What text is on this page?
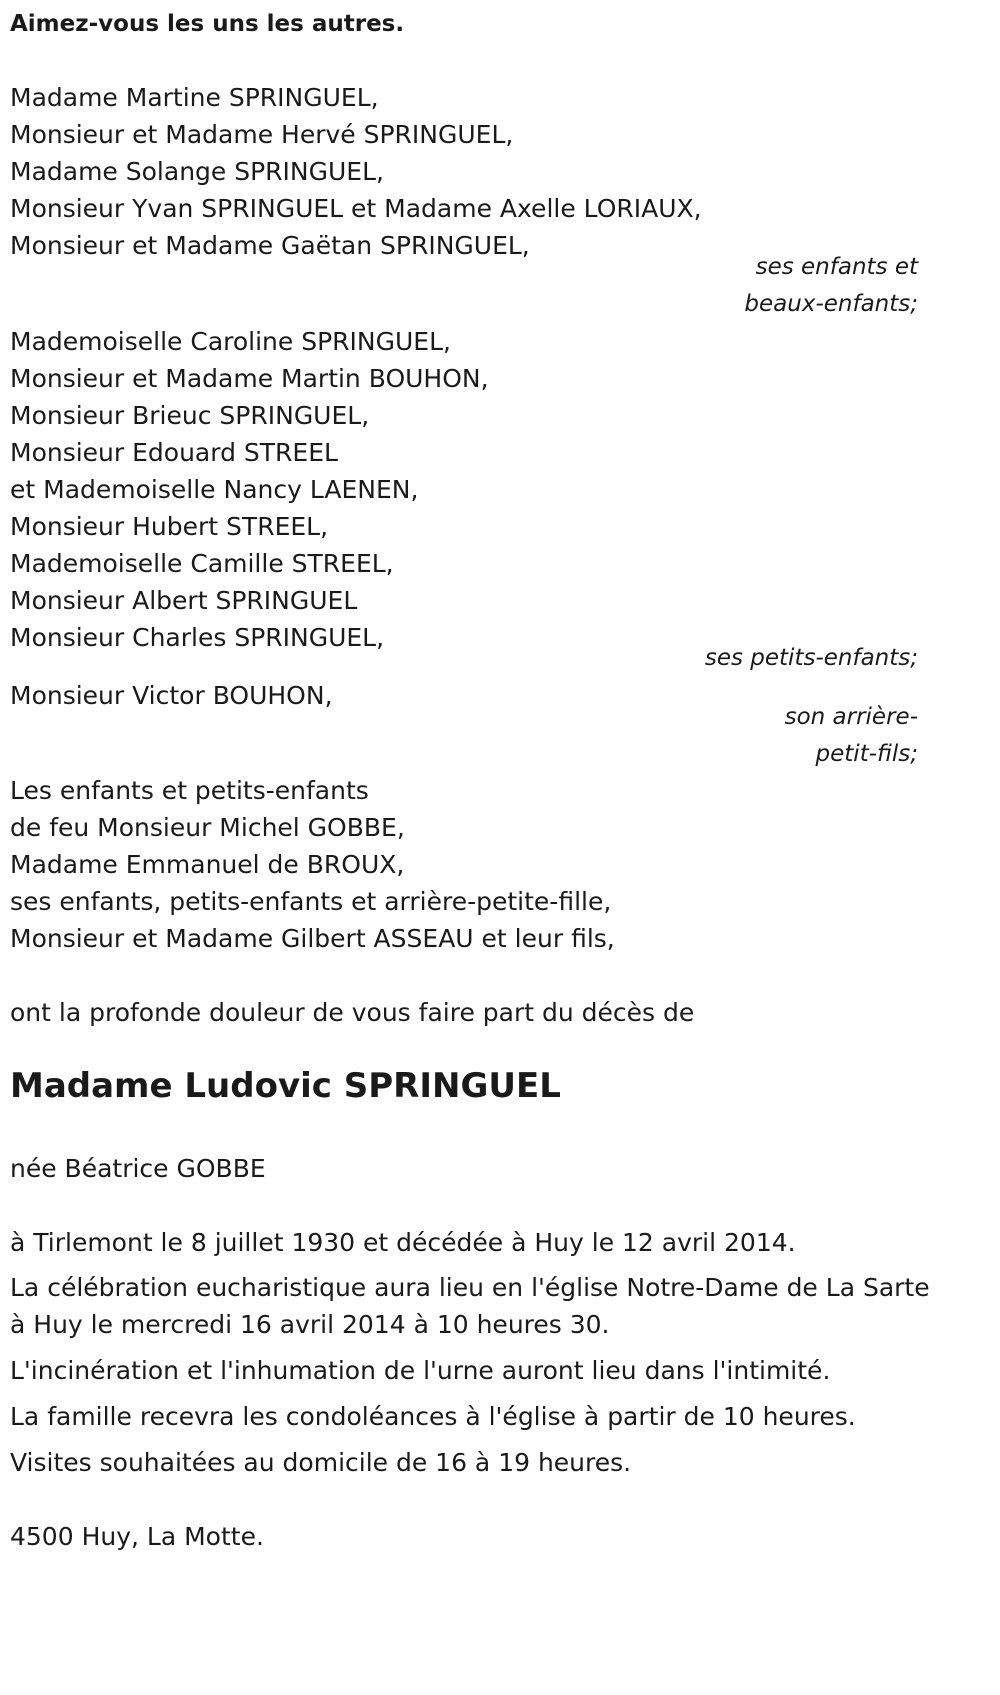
Aimez-vous les uns les autres.
Madame Martine SPRINGUEL,
Monsieur et Madame Hervé SPRINGUEL,
Madame Solange SPRINGUEL,
Monsieur Yvan SPRINGUEL et Madame Axelle LORIAUX,
Monsieur et Madame Gaëtan SPRINGUEL,
ses enfants et
beaux-enfants;
Mademoiselle Caroline SPRINGUEL,
Monsieur et Madame Martin BOUHON,
Monsieur Brieuc SPRINGUEL,
Monsieur Edouard STREEL
et Mademoiselle Nancy LAENEN,
Monsieur Hubert STREEL,
Mademoiselle Camille STREEL,
Monsieur Albert SPRINGUEL
Monsieur Charles SPRINGUEL,
ses petits-enfants;
Monsieur Victor BOUHON,
son arrière-
petit-fils;
Les enfants et petits-enfants
de feu Monsieur Michel GOBBE,
Madame Emmanuel de BROUX,
ses enfants, petits-enfants et arrière-petite-fille,
Monsieur et Madame Gilbert ASSEAU et leur fils,
ont la profonde douleur de vous faire part du décès de
Madame Ludovic SPRINGUEL
née Béatrice GOBBE
à Tirlemont le 8 juillet 1930 et décédée à Huy le 12 avril 2014.
La célébration eucharistique aura lieu en l'église Notre-Dame de La Sarte
à Huy le mercredi 16 avril 2014 à 10 heures 30.
L'incinération et l'inhumation de l'urne auront lieu dans l'intimité.
La famille recevra les condoléances à l'église à partir de 10 heures.
Visites souhaitées au domicile de 16 à 19 heures.
4500 Huy, La Motte.
